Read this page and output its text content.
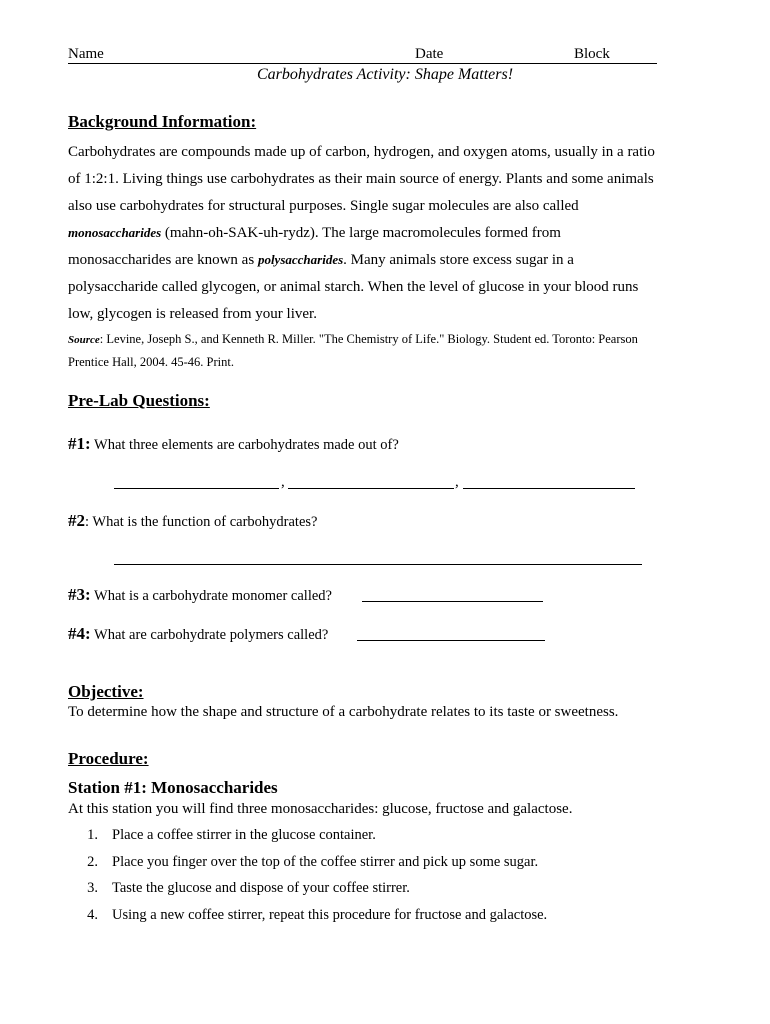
Name	Date	Block
Carbohydrates Activity: Shape Matters!
Background Information:
Carbohydrates are compounds made up of carbon, hydrogen, and oxygen atoms, usually in a ratio
of 1:2:1. Living things use carbohydrates as their main source of energy. Plants and some animals
also use carbohydrates for structural purposes. Single sugar molecules are also called
monosaccharides (mahn-oh-SAK-uh-rydz). The large macromolecules formed from
monosaccharides are known as polysaccharides. Many animals store excess sugar in a
polysaccharide called glycogen, or animal starch. When the level of glucose in your blood runs
low, glycogen is released from your liver.
Source: Levine, Joseph S., and Kenneth R. Miller. "The Chemistry of Life." Biology. Student ed. Toronto: Pearson
Prentice Hall, 2004. 45-46. Print.
Pre-Lab Questions:
#1: What three elements are carbohydrates made out of?
,	,
#2: What is the function of carbohydrates?
#3: What is a carbohydrate monomer called?
#4: What are carbohydrate polymers called?
Objective:
To determine how the shape and structure of a carbohydrate relates to its taste or sweetness.
Procedure:
Station #1: Monosaccharides
At this station you will find three monosaccharides: glucose, fructose and galactose.
1. Place a coffee stirrer in the glucose container.
2. Place you finger over the top of the coffee stirrer and pick up some sugar.
3. Taste the glucose and dispose of your coffee stirrer.
4. Using a new coffee stirrer, repeat this procedure for fructose and galactose.
